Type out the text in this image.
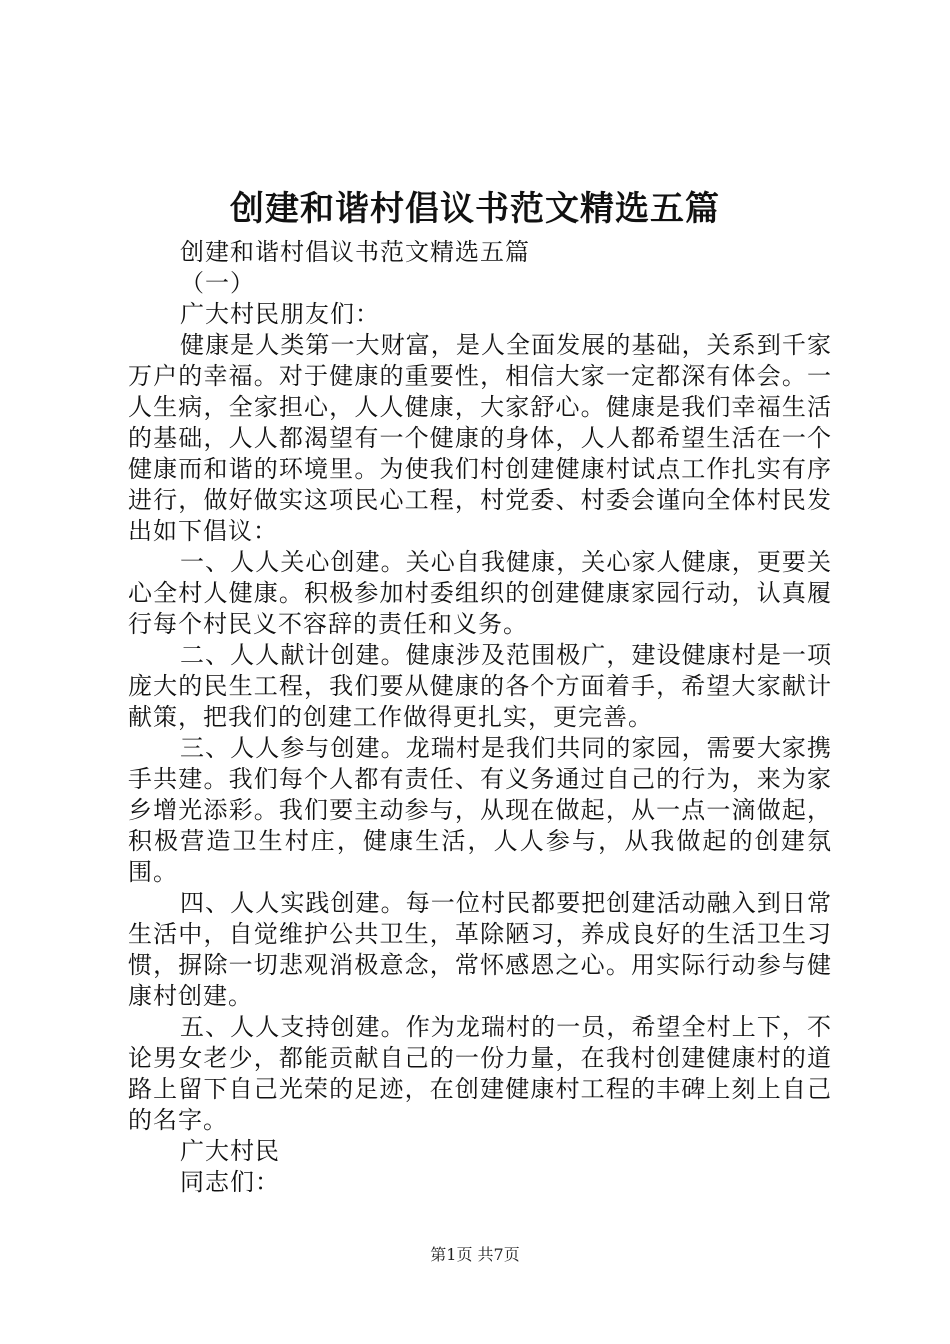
创建和谐村倡议书范文精选五篇

创建和谐村倡议书范文精选五篇

（一）

广大村民朋友们：

健康是人类第一大财富，是人全面发展的基础，关系到千家万户的幸福。对于健康的重要性，相信大家一定都深有体会。一人生病，全家担心，人人健康，大家舒心。健康是我们幸福生活的基础，人人都渴望有一个健康的身体，人人都希望生活在一个健康而和谐的环境里。为使我们村创建健康村试点工作扎实有序进行，做好做实这项民心工程，村党委、村委会谨向全体村民发出如下倡议：

一、人人关心创建。关心自我健康，关心家人健康，更要关心全村人健康。积极参加村委组织的创建健康家园行动，认真履行每个村民义不容辞的责任和义务。

二、人人献计创建。健康涉及范围极广，建设健康村是一项庞大的民生工程，我们要从健康的各个方面着手，希望大家献计献策，把我们的创建工作做得更扎实，更完善。

三、人人参与创建。龙瑞村是我们共同的家园，需要大家携手共建。我们每个人都有责任、有义务通过自己的行为，来为家乡增光添彩。我们要主动参与，从现在做起，从一点一滴做起，积极营造卫生村庄，健康生活，人人参与，从我做起的创建氛围。

四、人人实践创建。每一位村民都要把创建活动融入到日常生活中，自觉维护公共卫生，革除陋习，养成良好的生活卫生习惯，摒除一切悲观消极意念，常怀感恩之心。用实际行动参与健康村创建。

五、人人支持创建。作为龙瑞村的一员，希望全村上下，不论男女老少，都能贡献自己的一份力量，在我村创建健康村的道路上留下自己光荣的足迹，在创建健康村工程的丰碑上刻上自己的名字。

广大村民

同志们：

第1页 共7页
